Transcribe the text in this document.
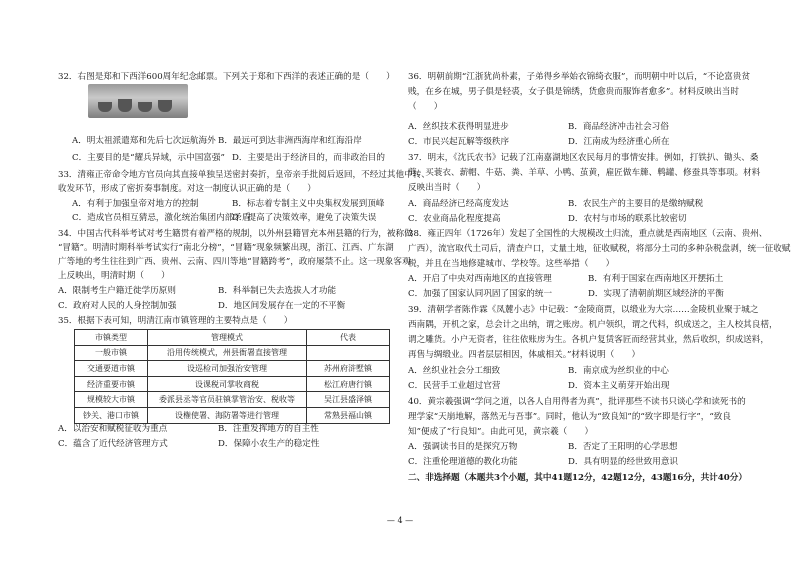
32．右图是郑和下西洋600周年纪念邮票。下列关于郑和下西洋的表述正确的是（　　）
A．明太祖派遣郑和先后七次远航海外 B．最远可到达非洲西海岸和红海沿岸
C．主要目的是“耀兵异域，示中国富强” D．主要是出于经济目的，而非政治目的
33．清雍正帝命令地方官员向其直接单独呈送密封奏折，皇帝亲手批阅后返回，不经过其他中转、
收发环节，形成了密折奏事制度。对这一制度认识正确的是（　　）
A．有利于加强皇帝对地方的控制	B．标志着专制主义中央集权发展到顶峰
C．造成官员相互猜忌，激化统治集团内部矛盾
D．提高了决策效率，避免了决策失误
34．中国古代科举考试对考生籍贯有着严格的规制，以外州县籍冒充本州县籍的行为，被称做
“冒籍”。明清时期科举考试实行“南北分榜”，“冒籍”现象频繁出现，浙江、江西、广东湖
广等地的考生往往到广西、贵州、云南、四川等地“冒籍跨考”，政府屡禁不止。这一现象客观
上反映出，明清时期（　　）
A．限制考生户籍迁徙学历原则	B．科举制已失去选拔人才功能
C．政府对人民的人身控制加强	D．地区间发展存在一定的不平衡
35．根据下表可知，明清江南市镇管理的主要特点是（　　）
市镇类型	管理模式	代表
一般市镇	沿用传统模式，州县衙署直接管理	
交通要道市镇	设巡检司加强治安管理	苏州府浒墅镇
经济重要市镇	设课税司掌收商税	松江府唐行镇
规模较大市镇	委派县丞等官员驻镇掌管治安、税收等	吴江县盛泽镇
钞关、港口市镇	设権使署、海防署等进行管理	常熟县福山镇
A．以治安和赋税征收为重点	B．注重发挥地方的自主性
C．蕴含了近代经济管理方式	D．保障小农生产的稳定性
36．明朝前期“江浙犹尚朴素，子弟得乡举始衣锦绮衣服”，而明朝中叶以后，“不论富贵贫
贱，在乡在城，男子俱是轻裘，女子俱是锦绣，货愈贵而服饰者愈多”。材料反映出当时
（　　）
A．丝织技术获得明显进步	B．商品经济冲击社会习俗
C．市民兴起瓦解等级秩序	D．江南成为经济重心所在
37．明末，《沈氏农书》记载了江南嘉湖地区农民每月的事情安排。例如，打铁扒、锄头、桑
剪，买蓑衣、薪帽、牛菇、粪、羊草、小鸭、茧黄，雇匠做车簰、鹎罐、修蚕具等事项。材料
反映出当时（　　）
A．商品经济已经高度发达	B．农民生产的主要目的是缴纳赋税
C．农业商品化程度提高	D．农村与市场的联系比较密切
38．雍正四年（1726年）发起了全国性的大规模改土归流，重点就是西南地区（云南、贵州、
广西），流官取代土司后，清查户口，丈量土地，征收赋税，将部分土司的多种杂税盘剥，统一征收赋
税，并且在当地修建城市、学校等。这些举措（　　）
A．开启了中央对西南地区的直接管理	B．有利于国家在西南地区开摆拓土
C．加强了国家认同巩固了国家的统一	D．实现了清朝前期区域经济的平衡
39．清朝学者陈作霖《凤麓小志》中记载：“金陵商贾，以缎业为大宗……金陵机业聚于城之
西南隅，开机之家，总会计之出纳，谓之账房。机户领织，谓之代料，织成送之，主人校其良楛，
谓之雕货。小户无资者，往往依账房为生。各机户复赁客匠而经营其业，然后收织，织成送料，
再售与绸缎业。四者层层相因，体戚相关。”材料说明（　　）
A．丝织业社会分工细致	B．南京成为丝织业的中心
C．民营手工业超过官营	D．资本主义萌芽开始出现
40．黄宗羲强调“学问之道，以各人自用得者为真”，批评那些不读书只谈心学和读死书的
理学家“天崩地解，落然无与吾事”。同时，他认为“致良知”的“致字即是行字”，“致良
知”便成了“行良知”。由此可见，黄宗羲（　　）
A．强调读书目的是探究万物	B．否定了王阳明的心学思想
C．注重伦理道德的教化功能	D．具有明显的经世致用意识
二、非选择题（本题共3个小题，其中41题12分，42题12分，43题16分，共计40分）
— 4 —
